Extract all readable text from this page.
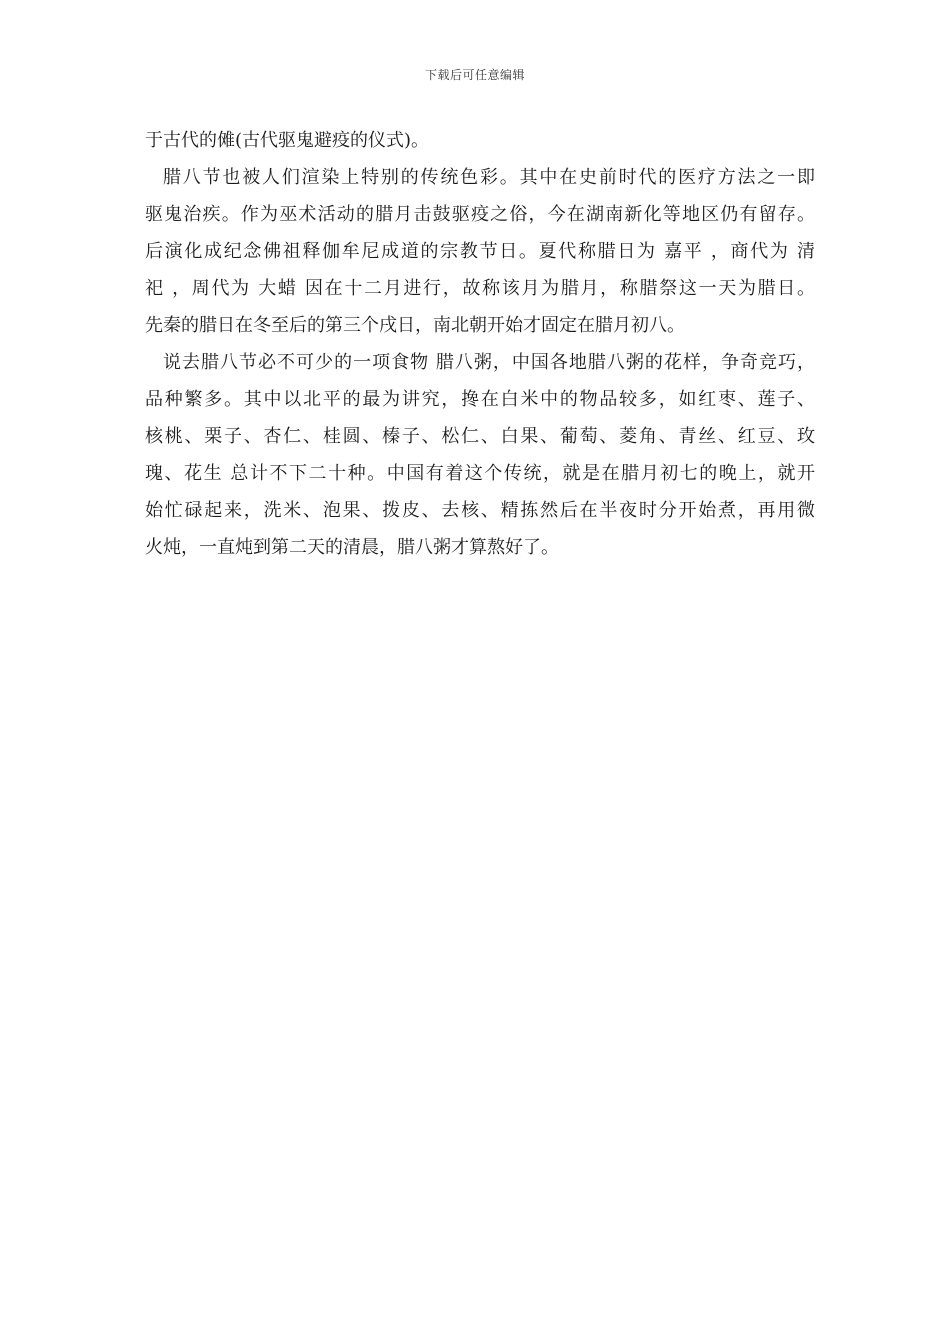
下载后可任意编辑
于古代的傩(古代驱鬼避疫的仪式)。
腊八节也被人们渲染上特别的传统色彩。其中在史前时代的医疗方法之一即
驱鬼治疾。作为巫术活动的腊月击鼓驱疫之俗，今在湖南新化等地区仍有留存。
后演化成纪念佛祖释伽牟尼成道的宗教节日。夏代称腊日为 嘉平 ，商代为 清
祀 ，周代为 大蜡 因在十二月进行，故称该月为腊月，称腊祭这一天为腊日。
先秦的腊日在冬至后的第三个戌日，南北朝开始才固定在腊月初八。
说去腊八节必不可少的一项食物 腊八粥，中国各地腊八粥的花样，争奇竞巧，
品种繁多。其中以北平的最为讲究，搀在白米中的物品较多，如红枣、莲子、
核桃、栗子、杏仁、桂圆、榛子、松仁、白果、葡萄、菱角、青丝、红豆、玫
瑰、花生 总计不下二十种。中国有着这个传统，就是在腊月初七的晚上，就开
始忙碌起来，洗米、泡果、拨皮、去核、精拣然后在半夜时分开始煮，再用微
火炖，一直炖到第二天的清晨，腊八粥才算熬好了。
